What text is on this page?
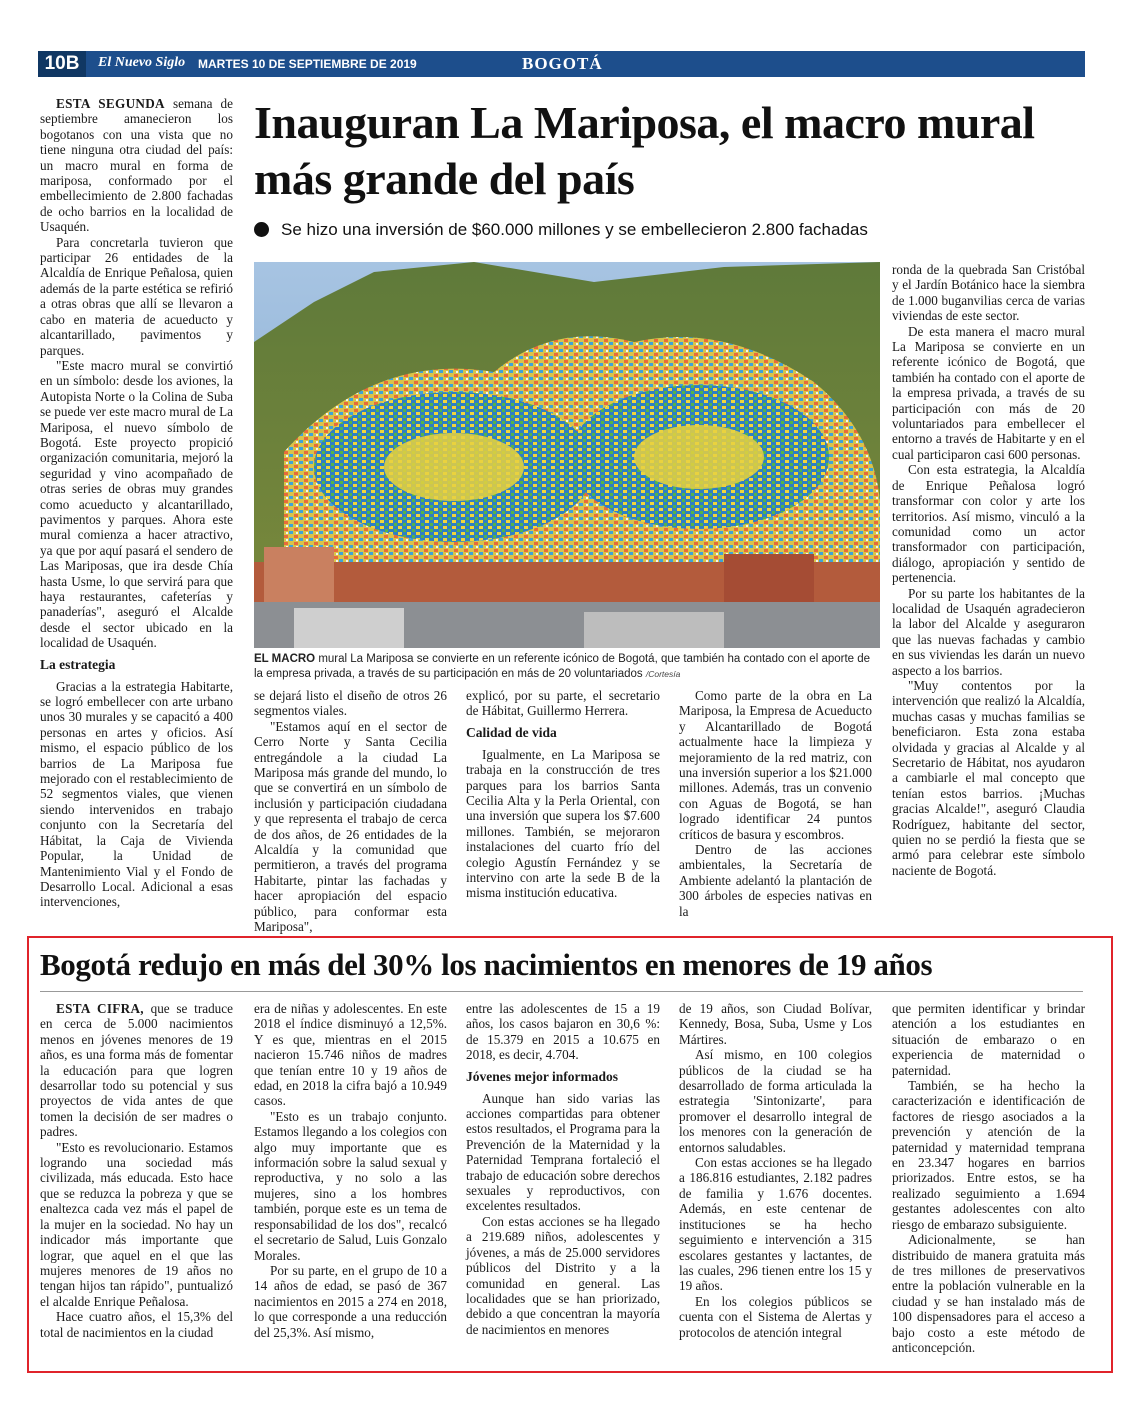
10B	El Nuevo Siglo MARTES 10 DE SEPTIEMBRE DE 2019	BOGOTÁ

ESTA SEGUNDA semana de septiembre amanecieron los bogotanos con una vista que no tiene ninguna otra ciudad del país: un macro mural en forma de mariposa, conformado por el embellecimiento de 2.800 fachadas de ocho barrios en la localidad de Usaquén.

Para concretarla tuvieron que participar 26 entidades de la Alcaldía de Enrique Peñalosa, quien además de la parte estética se refirió a otras obras que allí se llevaron a cabo en materia de acueducto y alcantarillado, pavimentos y parques.

"Este macro mural se convirtió en un símbolo: desde los aviones, la Autopista Norte o la Colina de Suba se puede ver este macro mural de La Mariposa, el nuevo símbolo de Bogotá. Este proyecto propició organización comunitaria, mejoró la seguridad y vino acompañado de otras series de obras muy grandes como acueducto y alcantarillado, pavimentos y parques. Ahora este mural comienza a hacer atractivo, ya que por aquí pasará el sendero de Las Mariposas, que ira desde Chía hasta Usme, lo que servirá para que haya restaurantes, cafeterías y panaderías", aseguró el Alcalde desde el sector ubicado en la localidad de Usaquén.

La estrategia

Gracias a la estrategia Habitarte, se logró embellecer con arte urbano unos 30 murales y se capacitó a 400 personas en artes y oficios. Así mismo, el espacio público de los barrios de La Mariposa fue mejorado con el restablecimiento de 52 segmentos viales, que vienen siendo intervenidos en trabajo conjunto con la Secretaría del Hábitat, la Caja de Vivienda Popular, la Unidad de Mantenimiento Vial y el Fondo de Desarrollo Local. Adicional a esas intervenciones,

Inauguran La Mariposa, el macro mural más grande del país
Se hizo una inversión de $60.000 millones y se embellecieron 2.800 fachadas
EL MACRO mural La Mariposa se convierte en un referente icónico de Bogotá, que también ha contado con el aporte de la empresa privada, a través de su participación en más de 20 voluntariados /Cortesía

se dejará listo el diseño de otros 26 segmentos viales.

"Estamos aquí en el sector de Cerro Norte y Santa Cecilia entregándole a la ciudad La Mariposa más grande del mundo, lo que se convertirá en un símbolo de inclusión y participación ciudadana y que representa el trabajo de cerca de dos años, de 26 entidades de la Alcaldía y la comunidad que permitieron, a través del programa Habitarte, pintar las fachadas y hacer apropiación del espacio público, para conformar esta Mariposa",

explicó, por su parte, el secretario de Hábitat, Guillermo Herrera.

Calidad de vida

Igualmente, en La Mariposa se trabaja en la construcción de tres parques para los barrios Santa Cecilia Alta y la Perla Oriental, con una inversión que supera los $7.600 millones. También, se mejoraron instalaciones del cuarto frío del colegio Agustín Fernández y se intervino con arte la sede B de la misma institución educativa.

Como parte de la obra en La Mariposa, la Empresa de Acueducto y Alcantarillado de Bogotá actualmente hace la limpieza y mejoramiento de la red matriz, con una inversión superior a los $21.000 millones. Además, tras un convenio con Aguas de Bogotá, se han logrado identificar 24 puntos críticos de basura y escombros.

Dentro de las acciones ambientales, la Secretaría de Ambiente adelantó la plantación de 300 árboles de especies nativas en la

ronda de la quebrada San Cristóbal y el Jardín Botánico hace la siembra de 1.000 buganvilias cerca de varias viviendas de este sector.

De esta manera el macro mural La Mariposa se convierte en un referente icónico de Bogotá, que también ha contado con el aporte de la empresa privada, a través de su participación con más de 20 voluntariados para embellecer el entorno a través de Habitarte y en el cual participaron casi 600 personas.

Con esta estrategia, la Alcaldía de Enrique Peñalosa logró transformar con color y arte los territorios. Así mismo, vinculó a la comunidad como un actor transformador con participación, diálogo, apropiación y sentido de pertenencia.

Por su parte los habitantes de la localidad de Usaquén agradecieron la labor del Alcalde y aseguraron que las nuevas fachadas y cambio en sus viviendas les darán un nuevo aspecto a los barrios.

"Muy contentos por la intervención que realizó la Alcaldía, muchas casas y muchas familias se beneficiaron. Esta zona estaba olvidada y gracias al Alcalde y al Secretario de Hábitat, nos ayudaron a cambiarle el mal concepto que tenían estos barrios. ¡Muchas gracias Alcalde!", aseguró Claudia Rodríguez, habitante del sector, quien no se perdió la fiesta que se armó para celebrar este símbolo naciente de Bogotá.

Bogotá redujo en más del 30% los nacimientos en menores de 19 años

ESTA CIFRA, que se traduce en cerca de 5.000 nacimientos menos en jóvenes menores de 19 años, es una forma más de fomentar la educación para que logren desarrollar todo su potencial y sus proyectos de vida antes de que tomen la decisión de ser madres o padres.

"Esto es revolucionario. Estamos logrando una sociedad más civilizada, más educada. Esto hace que se reduzca la pobreza y que se enaltezca cada vez más el papel de la mujer en la sociedad. No hay un indicador más importante que lograr, que aquel en el que las mujeres menores de 19 años no tengan hijos tan rápido", puntualizó el alcalde Enrique Peñalosa.

Hace cuatro años, el 15,3% del total de nacimientos en la ciudad

era de niñas y adolescentes. En este 2018 el índice disminuyó a 12,5%. Y es que, mientras en el 2015 nacieron 15.746 niños de madres que tenían entre 10 y 19 años de edad, en 2018 la cifra bajó a 10.949 casos.

"Esto es un trabajo conjunto. Estamos llegando a los colegios con algo muy importante que es información sobre la salud sexual y reproductiva, y no solo a las mujeres, sino a los hombres también, porque este es un tema de responsabilidad de los dos", recalcó el secretario de Salud, Luis Gonzalo Morales.

Por su parte, en el grupo de 10 a 14 años de edad, se pasó de 367 nacimientos en 2015 a 274 en 2018, lo que corresponde a una reducción del 25,3%. Así mismo,

entre las adolescentes de 15 a 19 años, los casos bajaron en 30,6 %: de 15.379 en 2015 a 10.675 en 2018, es decir, 4.704.

Jóvenes mejor informados

Aunque han sido varias las acciones compartidas para obtener estos resultados, el Programa para la Prevención de la Maternidad y la Paternidad Temprana fortaleció el trabajo de educación sobre derechos sexuales y reproductivos, con excelentes resultados.

Con estas acciones se ha llegado a 219.689 niños, adolescentes y jóvenes, a más de 25.000 servidores públicos del Distrito y a la comunidad en general. Las localidades que se han priorizado, debido a que concentran la mayoría de nacimientos en menores

de 19 años, son Ciudad Bolívar, Kennedy, Bosa, Suba, Usme y Los Mártires.

Así mismo, en 100 colegios públicos de la ciudad se ha desarrollado de forma articulada la estrategia 'Sintonizarte', para promover el desarrollo integral de los menores con la generación de entornos saludables.

Con estas acciones se ha llegado a 186.816 estudiantes, 2.182 padres de familia y 1.676 docentes. Además, en este centenar de instituciones se ha hecho seguimiento e intervención a 315 escolares gestantes y lactantes, de las cuales, 296 tienen entre los 15 y 19 años.

En los colegios públicos se cuenta con el Sistema de Alertas y protocolos de atención integral

que permiten identificar y brindar atención a los estudiantes en situación de embarazo o en experiencia de maternidad o paternidad.

También, se ha hecho la caracterización e identificación de factores de riesgo asociados a la prevención y atención de la paternidad y maternidad temprana en 23.347 hogares en barrios priorizados. Entre estos, se ha realizado seguimiento a 1.694 gestantes adolescentes con alto riesgo de embarazo subsiguiente.

Adicionalmente, se han distribuido de manera gratuita más de tres millones de preservativos entre la población vulnerable en la ciudad y se han instalado más de 100 dispensadores para el acceso a bajo costo a este método de anticoncepción.
